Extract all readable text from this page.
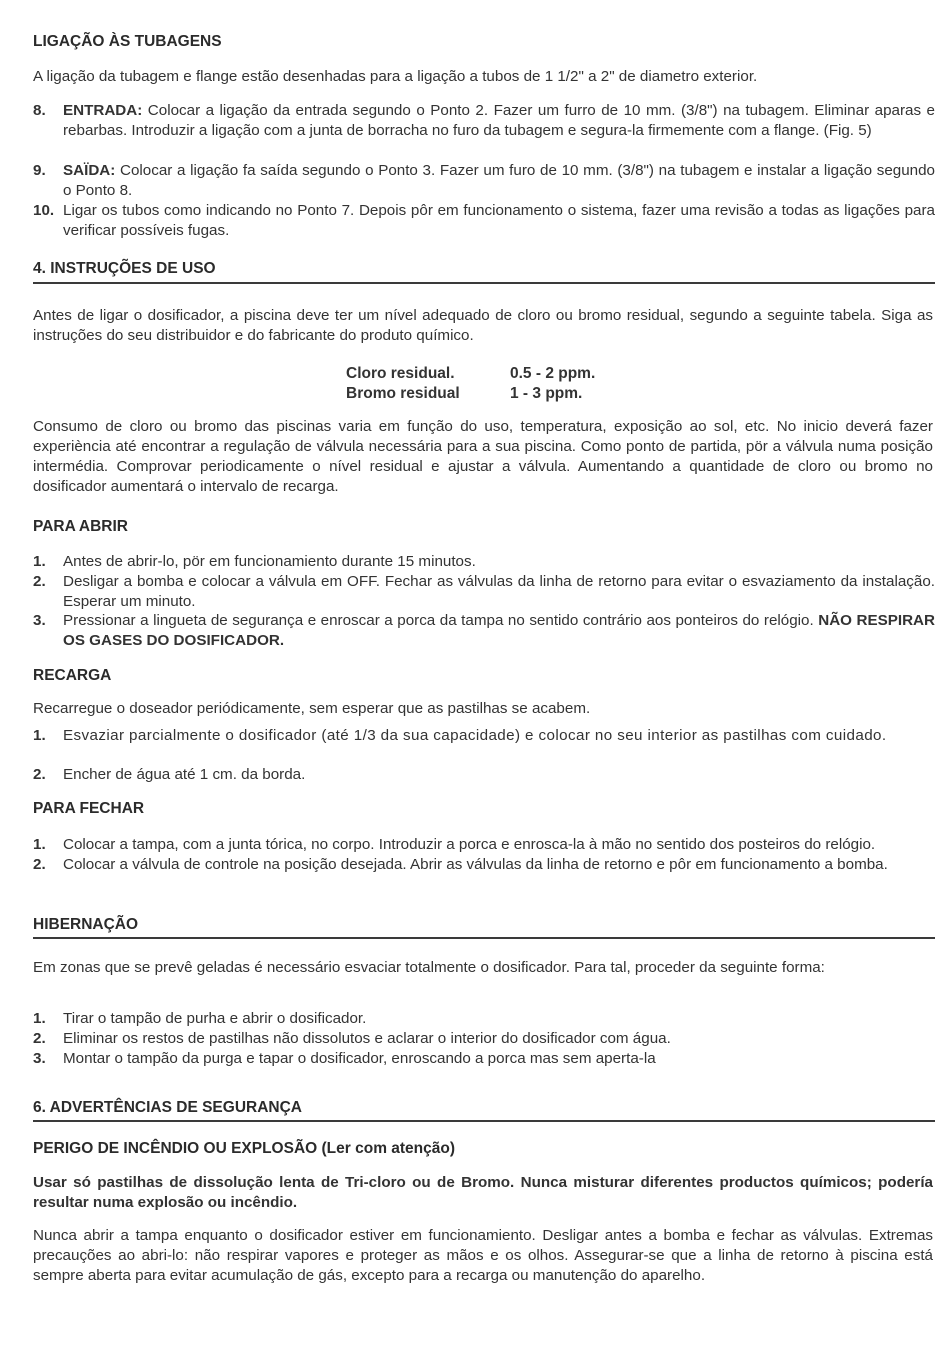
LIGAÇÃO ÀS TUBAGENS

A ligação da tubagem e flange estão desenhadas para a ligação a tubos de 1 1/2" a 2" de diametro exterior.

8. ENTRADA: Colocar a ligação da entrada segundo o Ponto 2. Fazer um furro de 10 mm. (3/8") na tubagem. Eliminar aparas e rebarbas. Introduzir a ligação com a junta de borracha no furo da tubagem e segura-la firmemente com a flange. (Fig. 5)
9. SAÏDA: Colocar a ligação fa saída segundo o Ponto 3. Fazer um furo de 10 mm. (3/8") na tubagem e instalar a ligação segundo o Ponto 8.
10. Ligar os tubos como indicando no Ponto 7. Depois pôr em funcionamento o sistema, fazer uma revisão a todas as ligações para verificar possíveis fugas.
4. INSTRUÇÕES DE USO

Antes de ligar o dosificador, a piscina deve ter um nível adequado de cloro ou bromo residual, segundo a seguinte tabela. Siga as instruções do seu distribuidor e do fabricante do produto químico.

Cloro residual.	0.5 - 2 ppm.
Bromo residual	1 - 3 ppm.

Consumo de cloro ou bromo das piscinas varia em função do uso, temperatura, exposição ao sol, etc. No inicio deverá fazer experiència até encontrar a regulação de válvula necessária para a sua piscina. Como ponto de partida, pör a válvula numa posição intermédia. Comprovar periodicamente o nível residual e ajustar a válvula. Aumentando a quantidade de cloro ou bromo no dosificador aumentará o intervalo de recarga.

PARA ABRIR
1. Antes de abrir-lo, pör em funcionamiento durante 15 minutos.
2. Desligar a bomba e colocar a válvula em OFF. Fechar as válvulas da linha de retorno para evitar o esvaziamento da instalação. Esperar um minuto.
3. Pressionar a lingueta de segurança e enroscar a porca da tampa no sentido contrário aos ponteiros do relógio. NÃO RESPIRAR OS GASES DO DOSIFICADOR.
RECARGA

Recarregue o doseador periódicamente, sem esperar que as pastilhas se acabem.

1. Esvaziar parcialmente o dosificador (até 1/3 da sua capacidade) e colocar no seu interior as pastilhas com cuidado.
2. Encher de água até 1 cm. da borda.
PARA FECHAR
1. Colocar a tampa, com a junta tórica, no corpo. Introduzir a porca e enrosca-la à mão no sentido dos posteiros do relógio.
2. Colocar a válvula de controle na posição desejada. Abrir as válvulas da linha de retorno e pôr em funcionamento a bomba.
HIBERNAÇÃO

Em zonas que se prevê geladas é necessário esvaciar totalmente o dosificador. Para tal, proceder da seguinte forma:

1. Tirar o tampão de purha e abrir o dosificador.
2. Eliminar os restos de pastilhas não dissolutos e aclarar o interior do dosificador com água.
3. Montar o tampão da purga e tapar o dosificador, enroscando a porca mas sem aperta-la
6. ADVERTÊNCIAS DE SEGURANÇA
PERIGO DE INCÊNDIO OU EXPLOSÃO (Ler com atenção)

Usar só pastilhas de dissolução lenta de Tri-cloro ou de Bromo. Nunca misturar diferentes productos químicos; podería resultar numa explosão ou incêndio.

Nunca abrir a tampa enquanto o dosificador estiver em funcionamiento. Desligar antes a bomba e fechar as válvulas. Extremas precauções ao abri-lo: não respirar vapores e proteger as mãos e os olhos. Assegurar-se que a linha de retorno à piscina está sempre aberta para evitar acumulação de gás, excepto para a recarga ou manutenção do aparelho.
